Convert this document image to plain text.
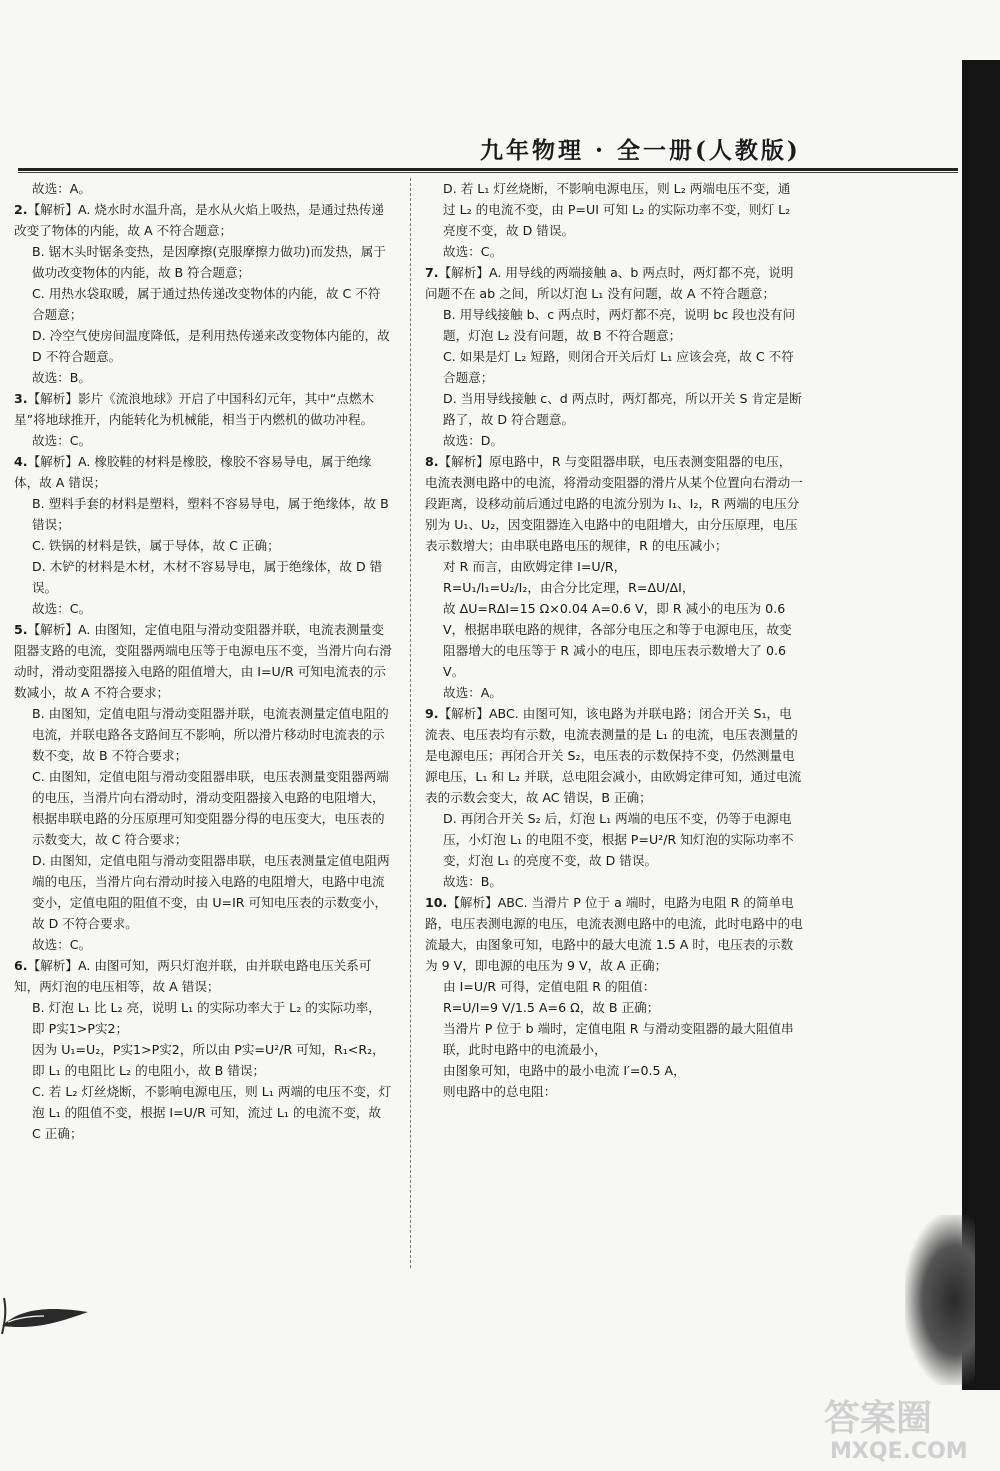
九年物理 · 全一册(人教版)

故选：A。

2.【解析】A. 烧水时水温升高，是水从火焰上吸热，是通过热传递改变了物体的内能，故 A 不符合题意；

B. 锯木头时锯条变热，是因摩擦(克服摩擦力做功)而发热，属于做功改变物体的内能，故 B 符合题意；

C. 用热水袋取暖，属于通过热传递改变物体的内能，故 C 不符合题意；

D. 冷空气使房间温度降低，是利用热传递来改变物体内能的，故 D 不符合题意。

故选：B。

3.【解析】影片《流浪地球》开启了中国科幻元年，其中“点燃木星”将地球推开，内能转化为机械能，相当于内燃机的做功冲程。

故选：C。

4.【解析】A. 橡胶鞋的材料是橡胶，橡胶不容易导电，属于绝缘体，故 A 错误；

B. 塑料手套的材料是塑料，塑料不容易导电，属于绝缘体，故 B 错误；

C. 铁锅的材料是铁，属于导体，故 C 正确；

D. 木铲的材料是木材，木材不容易导电，属于绝缘体，故 D 错误。

故选：C。

5.【解析】A. 由图知，定值电阻与滑动变阻器并联，电流表测量变阻器支路的电流，变阻器两端电压等于电源电压不变，当滑片向右滑动时，滑动变阻器接入电路的阻值增大，由 I=U/R 可知电流表的示数减小，故 A 不符合要求；

B. 由图知，定值电阻与滑动变阻器并联，电流表测量定值电阻的电流，并联电路各支路间互不影响，所以滑片移动时电流表的示数不变，故 B 不符合要求；

C. 由图知，定值电阻与滑动变阻器串联，电压表测量变阻器两端的电压，当滑片向右滑动时，滑动变阻器接入电路的电阻增大，根据串联电路的分压原理可知变阻器分得的电压变大，电压表的示数变大，故 C 符合要求；

D. 由图知，定值电阻与滑动变阻器串联，电压表测量定值电阻两端的电压，当滑片向右滑动时接入电路的电阻增大，电路中电流变小，定值电阻的阻值不变，由 U=IR 可知电压表的示数变小，故 D 不符合要求。

故选：C。

6.【解析】A. 由图可知，两只灯泡并联，由并联电路电压关系可知，两灯泡的电压相等，故 A 错误；

B. 灯泡 L₁ 比 L₂ 亮，说明 L₁ 的实际功率大于 L₂ 的实际功率，即 P实1>P实2；

因为 U₁=U₂，P实1>P实2，所以由 P实=U²/R 可知，R₁<R₂，即 L₁ 的电阻比 L₂ 的电阻小，故 B 错误；

C. 若 L₂ 灯丝烧断，不影响电源电压，则 L₁ 两端的电压不变，灯泡 L₁ 的阻值不变，根据 I=U/R 可知，流过 L₁ 的电流不变，故 C 正确；

D. 若 L₁ 灯丝烧断，不影响电源电压，则 L₂ 两端电压不变，通过 L₂ 的电流不变，由 P=UI 可知 L₂ 的实际功率不变，则灯 L₂ 亮度不变，故 D 错误。

故选：C。

7.【解析】A. 用导线的两端接触 a、b 两点时，两灯都不亮，说明问题不在 ab 之间，所以灯泡 L₁ 没有问题，故 A 不符合题意；

B. 用导线接触 b、c 两点时，两灯都不亮，说明 bc 段也没有问题，灯泡 L₂ 没有问题，故 B 不符合题意；

C. 如果是灯 L₂ 短路，则闭合开关后灯 L₁ 应该会亮，故 C 不符合题意；

D. 当用导线接触 c、d 两点时，两灯都亮，所以开关 S 肯定是断路了，故 D 符合题意。

故选：D。

8.【解析】原电路中，R 与变阻器串联，电压表测变阻器的电压，电流表测电路中的电流，将滑动变阻器的滑片从某个位置向右滑动一段距离，设移动前后通过电路的电流分别为 I₁、I₂，R 两端的电压分别为 U₁、U₂，因变阻器连入电路中的电阻增大，由分压原理，电压表示数增大；由串联电路电压的规律，R 的电压减小；

对 R 而言，由欧姆定律 I=U/R，

R=U₁/I₁=U₂/I₂，由合分比定理，R=ΔU/ΔI，

故 ΔU=RΔI=15 Ω×0.04 A=0.6 V，即 R 减小的电压为 0.6 V，根据串联电路的规律，各部分电压之和等于电源电压，故变阻器增大的电压等于 R 减小的电压，即电压表示数增大了 0.6 V。

故选：A。

9.【解析】ABC. 由图可知，该电路为并联电路；闭合开关 S₁，电流表、电压表均有示数，电流表测量的是 L₁ 的电流，电压表测量的是电源电压；再闭合开关 S₂，电压表的示数保持不变，仍然测量电源电压，L₁ 和 L₂ 并联，总电阻会减小，由欧姆定律可知，通过电流表的示数会变大，故 AC 错误，B 正确；

D. 再闭合开关 S₂ 后，灯泡 L₁ 两端的电压不变，仍等于电源电压，小灯泡 L₁ 的电阻不变，根据 P=U²/R 知灯泡的实际功率不变，灯泡 L₁ 的亮度不变，故 D 错误。

故选：B。

10.【解析】ABC. 当滑片 P 位于 a 端时，电路为电阻 R 的简单电路，电压表测电源的电压，电流表测电路中的电流，此时电路中的电流最大，由图象可知，电路中的最大电流 1.5 A 时，电压表的示数为 9 V，即电源的电压为 9 V，故 A 正确；

由 I=U/R 可得，定值电阻 R 的阻值：

R=U/I=9 V/1.5 A=6 Ω，故 B 正确；

当滑片 P 位于 b 端时，定值电阻 R 与滑动变阻器的最大阻值串联，此时电路中的电流最小，

由图象可知，电路中的最小电流 I′=0.5 A，

则电路中的总电阻：

答案圈
MXQE.COM
